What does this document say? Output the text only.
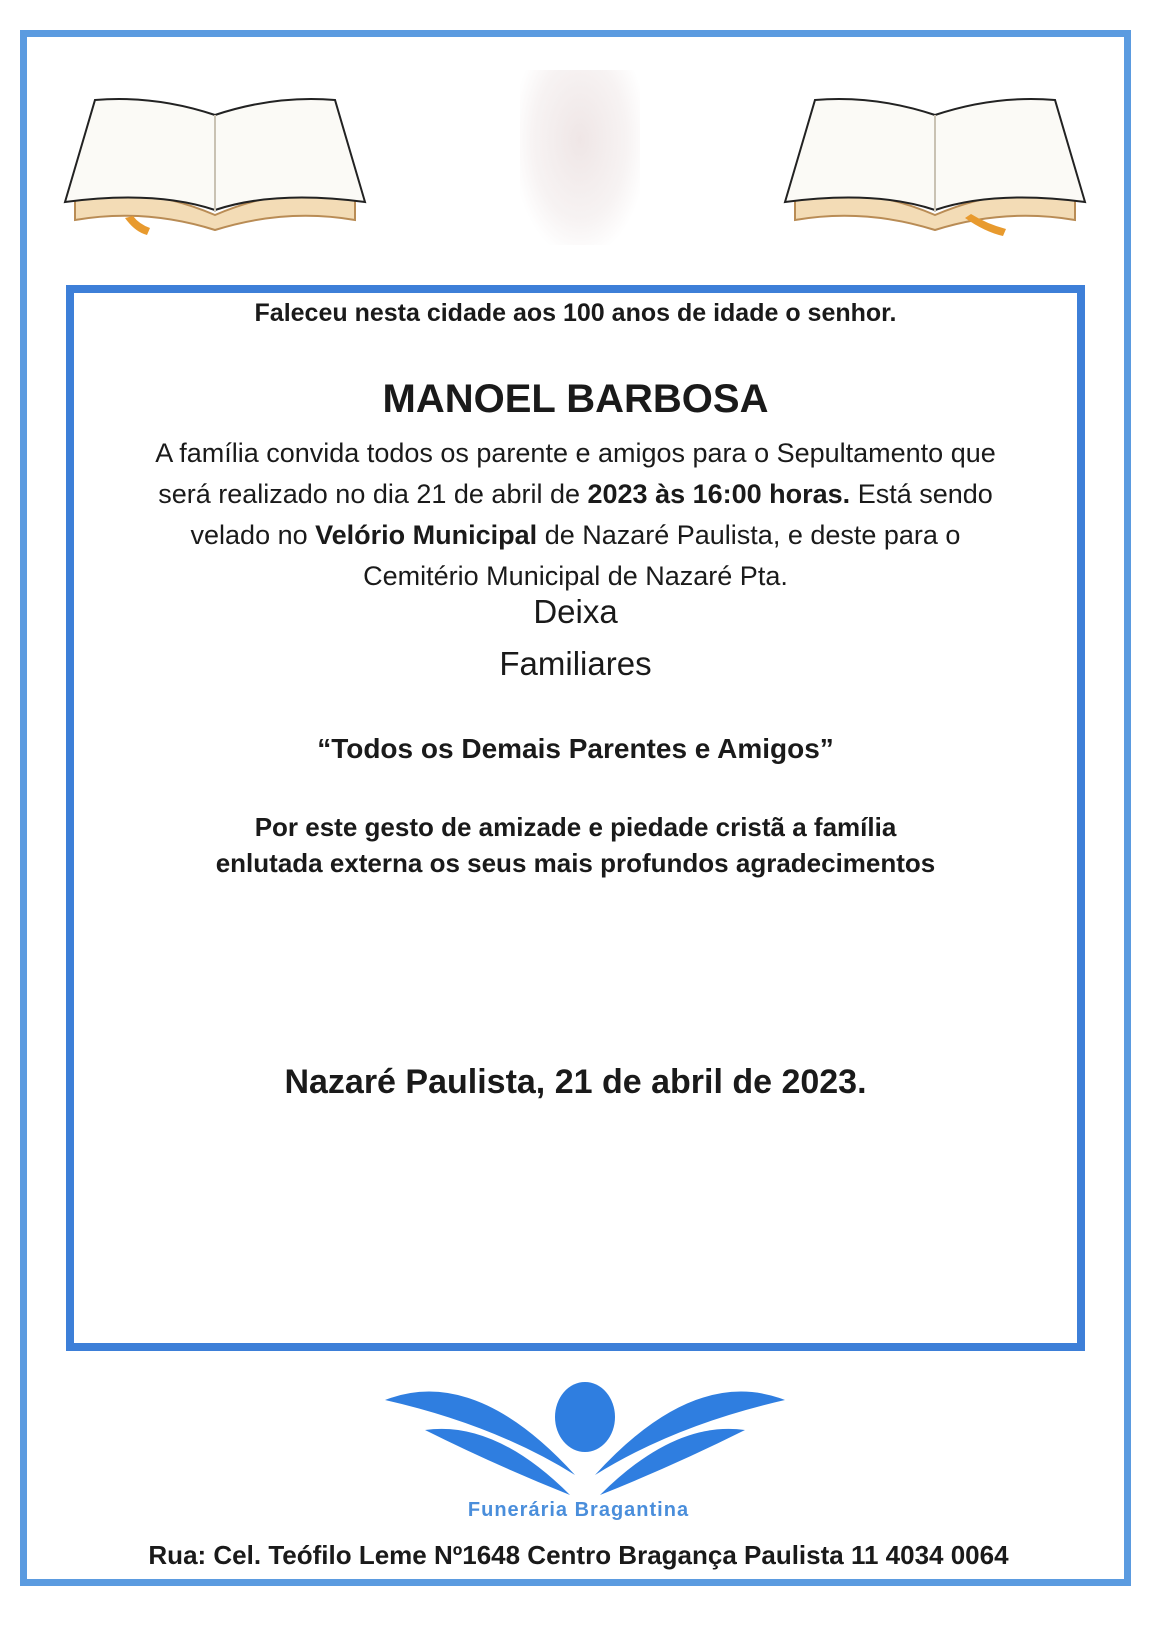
Faleceu nesta cidade aos 100 anos de idade o senhor.
MANOEL BARBOSA
A família convida todos os parente e amigos para o Sepultamento que
será realizado no dia 21 de abril de 2023 às 16:00 horas. Está sendo
velado no Velório Municipal de Nazaré Paulista, e deste para o
Cemitério Municipal de Nazaré Pta.
Deixa
Familiares
“Todos os Demais Parentes e Amigos”
Por este gesto de amizade e piedade cristã a família
enlutada externa os seus mais profundos agradecimentos
Nazaré Paulista, 21 de abril de 2023.
Funerária Bragantina
Rua: Cel. Teófilo Leme Nº1648 Centro Bragança Paulista 11 4034 0064
